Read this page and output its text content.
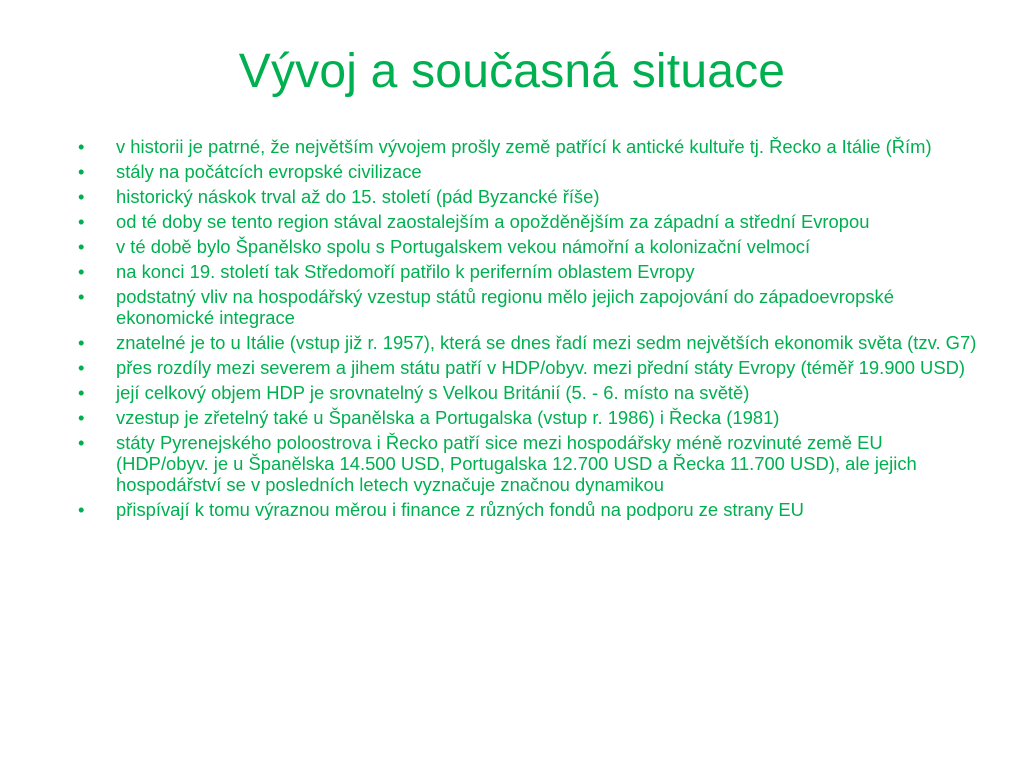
Vývoj a současná situace
•	v historii je patrné, že největším vývojem prošly země patřící k antické kultuře tj. Řecko a Itálie (Řím)
•	stály na počátcích evropské civilizace
•	historický náskok trval až do 15. století (pád Byzancké říše)
•	od té doby se tento region stával zaostalejším a opožděnějším za západní a střední Evropou
•	v té době bylo Španělsko spolu s Portugalskem vekou námořní a kolonizační velmocí
•	na konci 19. století tak Středomoří patřilo k periferním oblastem Evropy
•	podstatný vliv na hospodářský vzestup států regionu mělo jejich zapojování do západoevropské ekonomické integrace
•	znatelné je to u Itálie (vstup již r. 1957), která se dnes řadí mezi sedm největších ekonomik světa (tzv. G7)
•	přes rozdíly mezi severem a jihem státu patří v HDP/obyv. mezi přední státy Evropy (téměř 19.900 USD)
•	její celkový objem HDP je srovnatelný s Velkou Británií (5. - 6. místo na světě)
•	vzestup je zřetelný také u Španělska a Portugalska (vstup r. 1986) i Řecka (1981)
•	státy Pyrenejského poloostrova i Řecko patří sice mezi hospodářsky méně rozvinuté země EU (HDP/obyv. je u Španělska 14.500 USD, Portugalska 12.700 USD a Řecka 11.700 USD), ale jejich hospodářství se v posledních letech vyznačuje značnou dynamikou
•	přispívají k tomu výraznou měrou i finance z různých fondů na podporu ze strany EU
